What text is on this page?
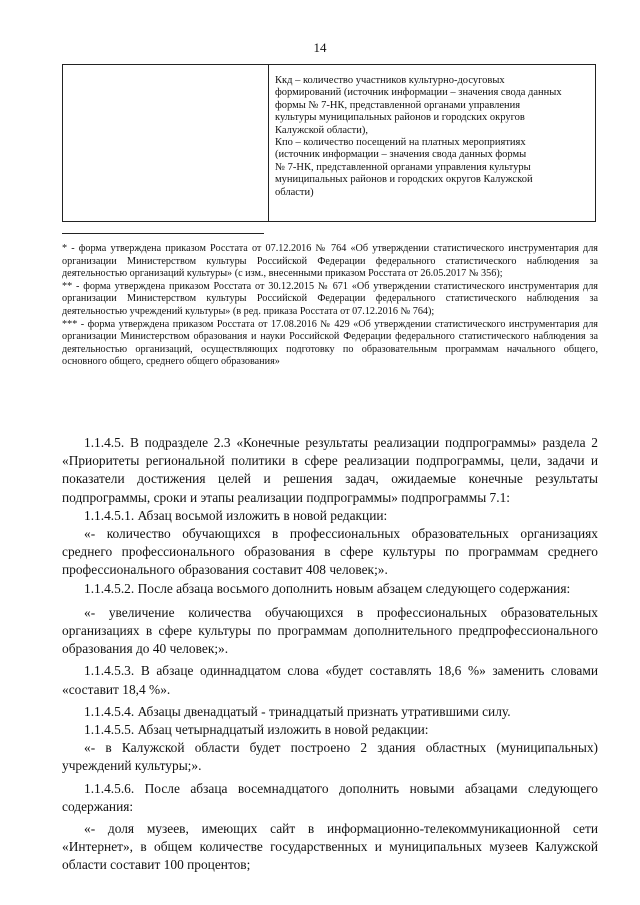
14

Ккд – количество участников культурно-досуговых

формирований (источник информации – значения свода данных

формы № 7-НК, представленной органами управления

культуры муниципальных районов и городских округов

Калужской области),

Кпо – количество посещений на платных мероприятиях

(источник информации – значения свода данных формы

№ 7-НК, представленной органами управления культуры

муниципальных районов и городских округов Калужской

области)

* - форма утверждена приказом Росстата от 07.12.2016 № 764 «Об утверждении статистического инструментария для организации Министерством культуры Российской Федерации федерального статистического наблюдения за деятельностью организаций культуры» (с изм., внесенными приказом Росстата от 26.05.2017 № 356);

** - форма утверждена приказом Росстата от 30.12.2015 № 671 «Об утверждении статистического инструментария для организации Министерством культуры Российской Федерации федерального статистического наблюдения за деятельностью учреждений культуры» (в ред. приказа Росстата от 07.12.2016 № 764);

*** - форма утверждена приказом Росстата от 17.08.2016 № 429 «Об утверждении статистического инструментария для организации Министерством образования и науки Российской Федерации федерального статистического наблюдения за деятельностью организаций, осуществляющих подготовку по образовательным программам начального общего, основного общего, среднего общего образования»

1.1.4.5. В подразделе 2.3 «Конечные результаты реализации подпрограммы» раздела 2 «Приоритеты региональной политики в сфере реализации подпрограммы, цели, задачи и показатели достижения целей и решения задач, ожидаемые конечные результаты подпрограммы, сроки и этапы реализации подпрограммы» подпрограммы 7.1:

1.1.4.5.1. Абзац восьмой изложить в новой редакции:

«- количество обучающихся в профессиональных образовательных организациях среднего профессионального образования в сфере культуры по программам среднего профессионального образования составит 408 человек;».

1.1.4.5.2. После абзаца восьмого дополнить новым абзацем следующего содержания:

«- увеличение количества обучающихся в профессиональных образовательных организациях в сфере культуры по программам дополнительного предпрофессионального образования до 40 человек;».

1.1.4.5.3. В абзаце одиннадцатом слова «будет составлять 18,6 %» заменить словами «составит 18,4 %».

1.1.4.5.4. Абзацы двенадцатый - тринадцатый признать утратившими силу.

1.1.4.5.5. Абзац четырнадцатый изложить в новой редакции:

«- в Калужской области будет построено 2 здания областных (муниципальных) учреждений культуры;».

1.1.4.5.6. После абзаца восемнадцатого дополнить новыми абзацами следующего содержания:

«- доля музеев, имеющих сайт в информационно-телекоммуникационной сети «Интернет», в общем количестве государственных и муниципальных музеев Калужской области составит 100 процентов;
